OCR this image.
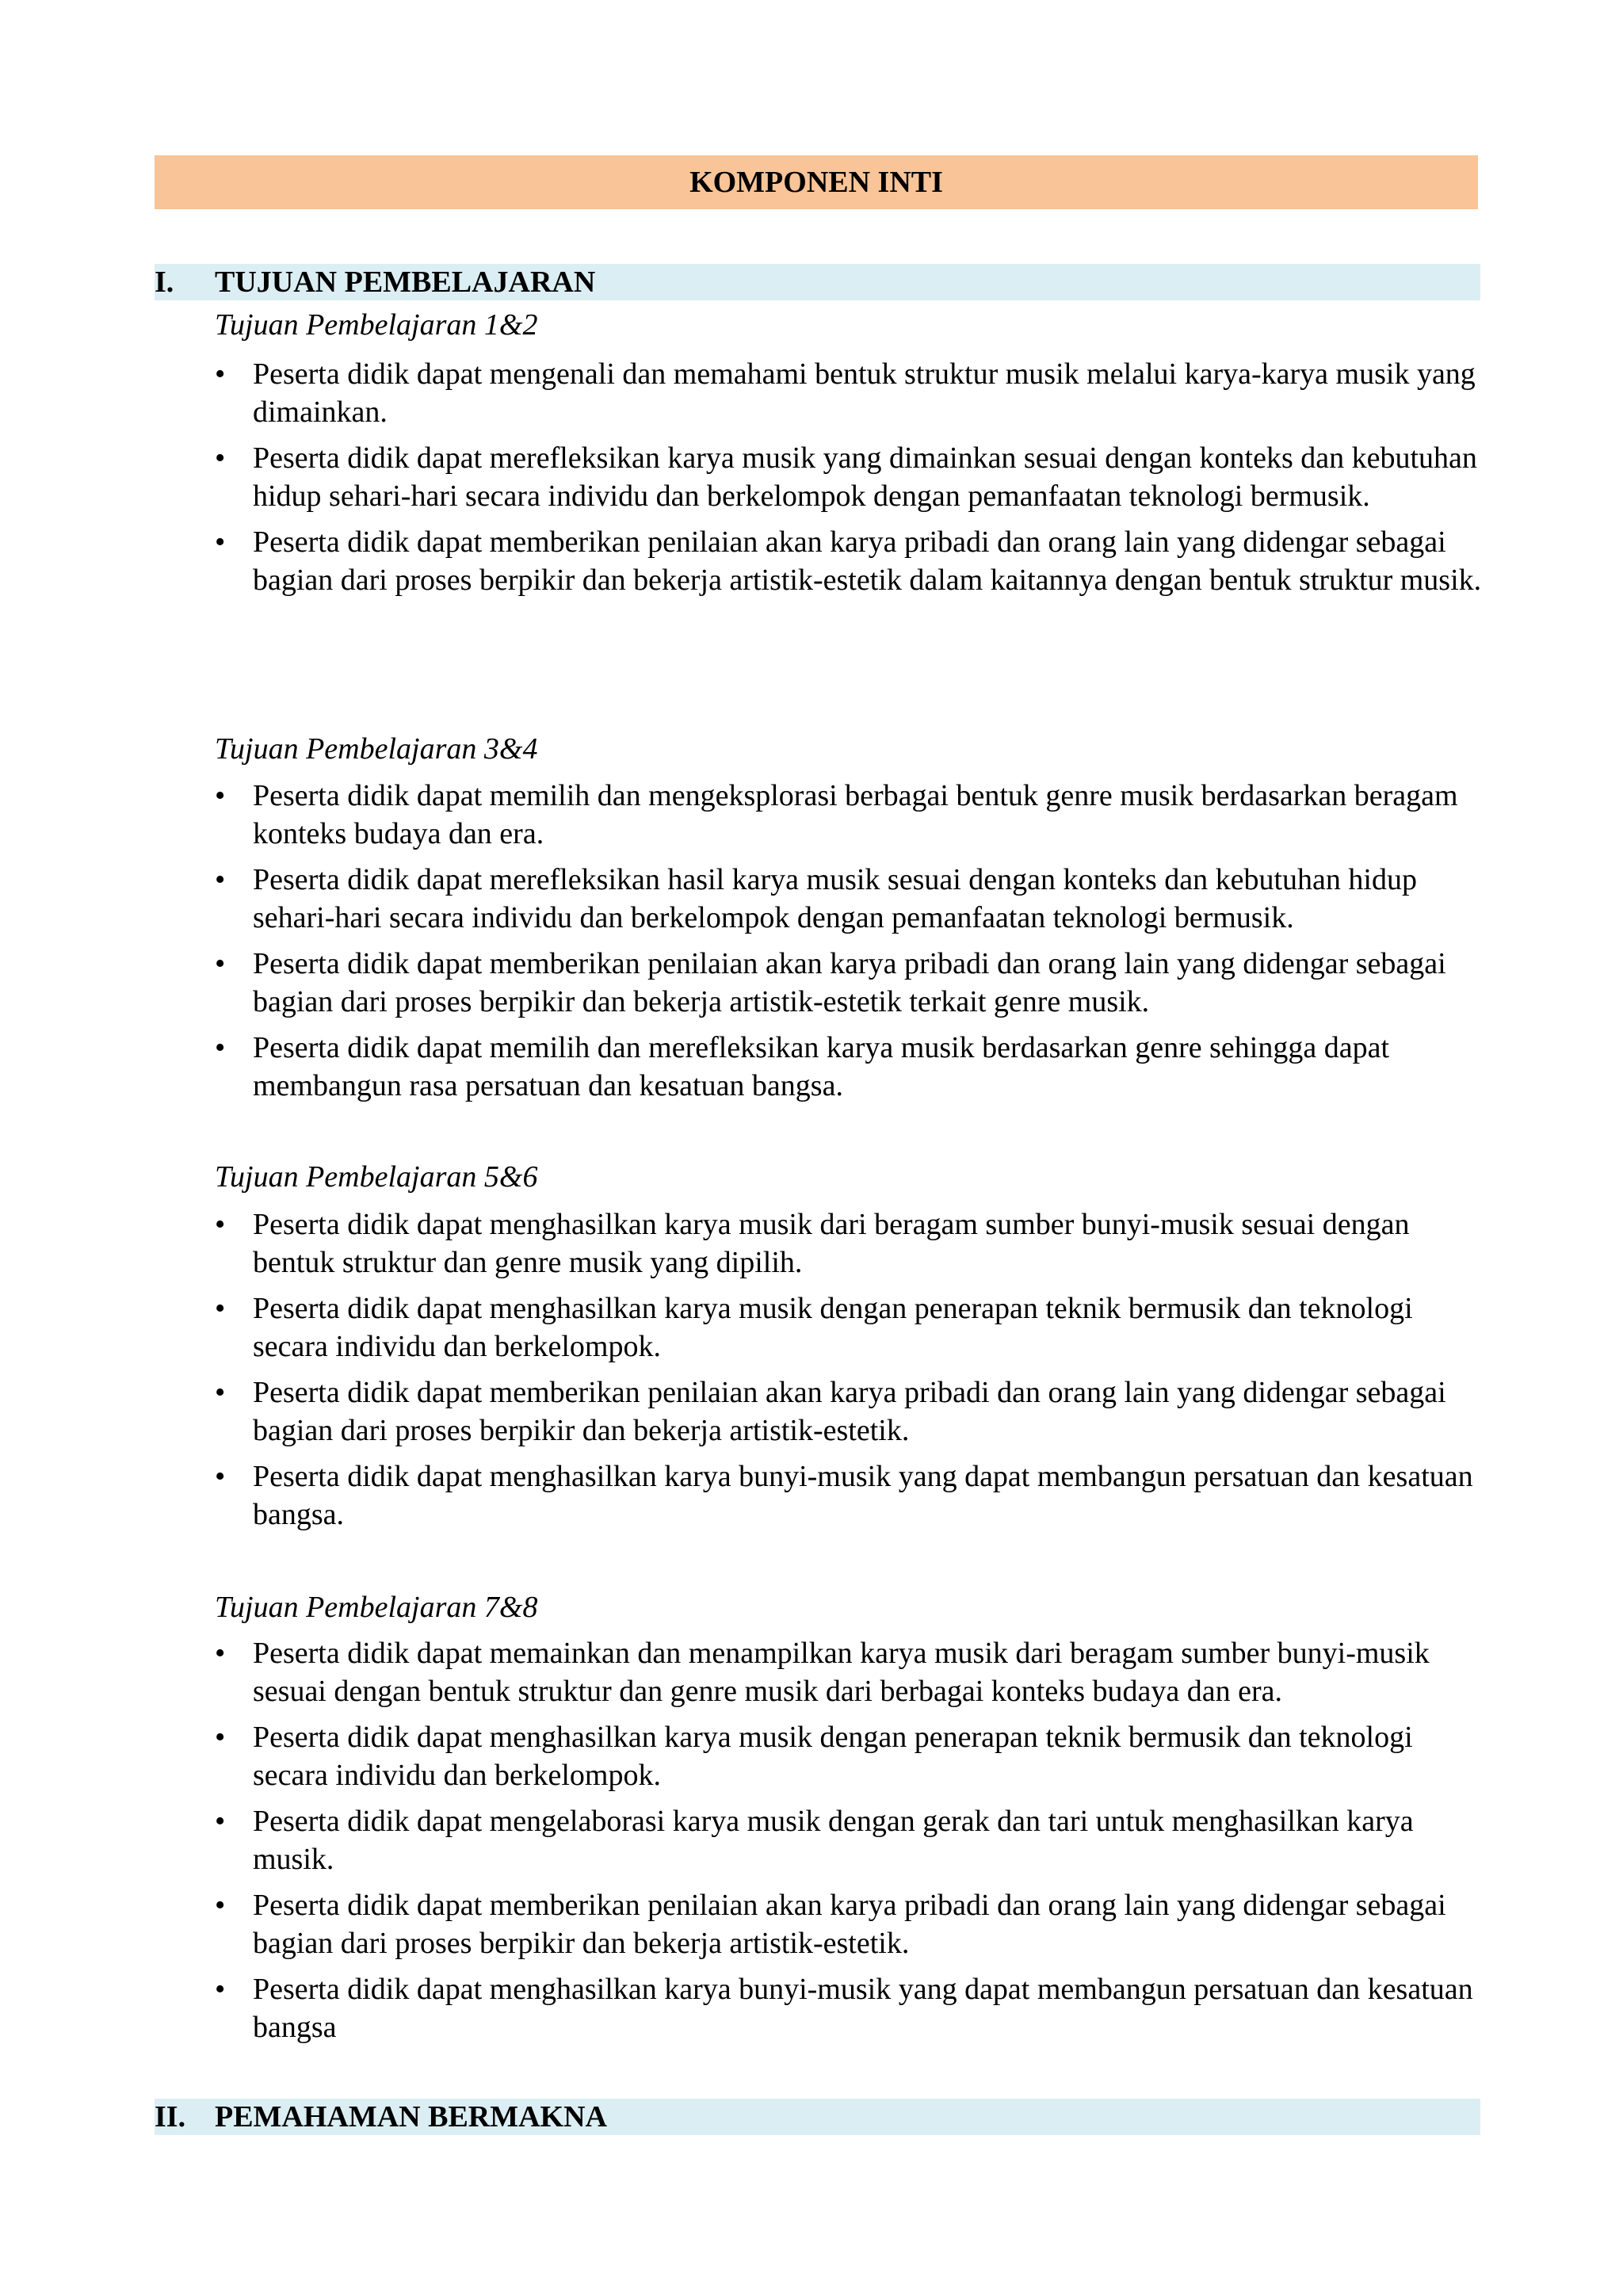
KOMPONEN INTI
I. TUJUAN PEMBELAJARAN
Tujuan Pembelajaran 1&2
• Peserta didik dapat mengenali dan memahami bentuk struktur musik melalui karya-karya musik yang dimainkan.
• Peserta didik dapat merefleksikan karya musik yang dimainkan sesuai dengan konteks dan kebutuhan hidup sehari-hari secara individu dan berkelompok dengan pemanfaatan teknologi bermusik.
• Peserta didik dapat memberikan penilaian akan karya pribadi dan orang lain yang didengar sebagai bagian dari proses berpikir dan bekerja artistik-estetik dalam kaitannya dengan bentuk struktur musik.
Tujuan Pembelajaran 3&4
• Peserta didik dapat memilih dan mengeksplorasi berbagai bentuk genre musik berdasarkan beragam konteks budaya dan era.
• Peserta didik dapat merefleksikan hasil karya musik sesuai dengan konteks dan kebutuhan hidup sehari-hari secara individu dan berkelompok dengan pemanfaatan teknologi bermusik.
• Peserta didik dapat memberikan penilaian akan karya pribadi dan orang lain yang didengar sebagai bagian dari proses berpikir dan bekerja artistik-estetik terkait genre musik.
• Peserta didik dapat memilih dan merefleksikan karya musik berdasarkan genre sehingga dapat membangun rasa persatuan dan kesatuan bangsa.
Tujuan Pembelajaran 5&6
• Peserta didik dapat menghasilkan karya musik dari beragam sumber bunyi-musik sesuai dengan bentuk struktur dan genre musik yang dipilih.
• Peserta didik dapat menghasilkan karya musik dengan penerapan teknik bermusik dan teknologi secara individu dan berkelompok.
• Peserta didik dapat memberikan penilaian akan karya pribadi dan orang lain yang didengar sebagai bagian dari proses berpikir dan bekerja artistik-estetik.
• Peserta didik dapat menghasilkan karya bunyi-musik yang dapat membangun persatuan dan kesatuan bangsa.
Tujuan Pembelajaran 7&8
• Peserta didik dapat memainkan dan menampilkan karya musik dari beragam sumber bunyi-musik sesuai dengan bentuk struktur dan genre musik dari berbagai konteks budaya dan era.
• Peserta didik dapat menghasilkan karya musik dengan penerapan teknik bermusik dan teknologi secara individu dan berkelompok.
• Peserta didik dapat mengelaborasi karya musik dengan gerak dan tari untuk menghasilkan karya musik.
• Peserta didik dapat memberikan penilaian akan karya pribadi dan orang lain yang didengar sebagai bagian dari proses berpikir dan bekerja artistik-estetik.
• Peserta didik dapat menghasilkan karya bunyi-musik yang dapat membangun persatuan dan kesatuan bangsa
II. PEMAHAMAN BERMAKNA
